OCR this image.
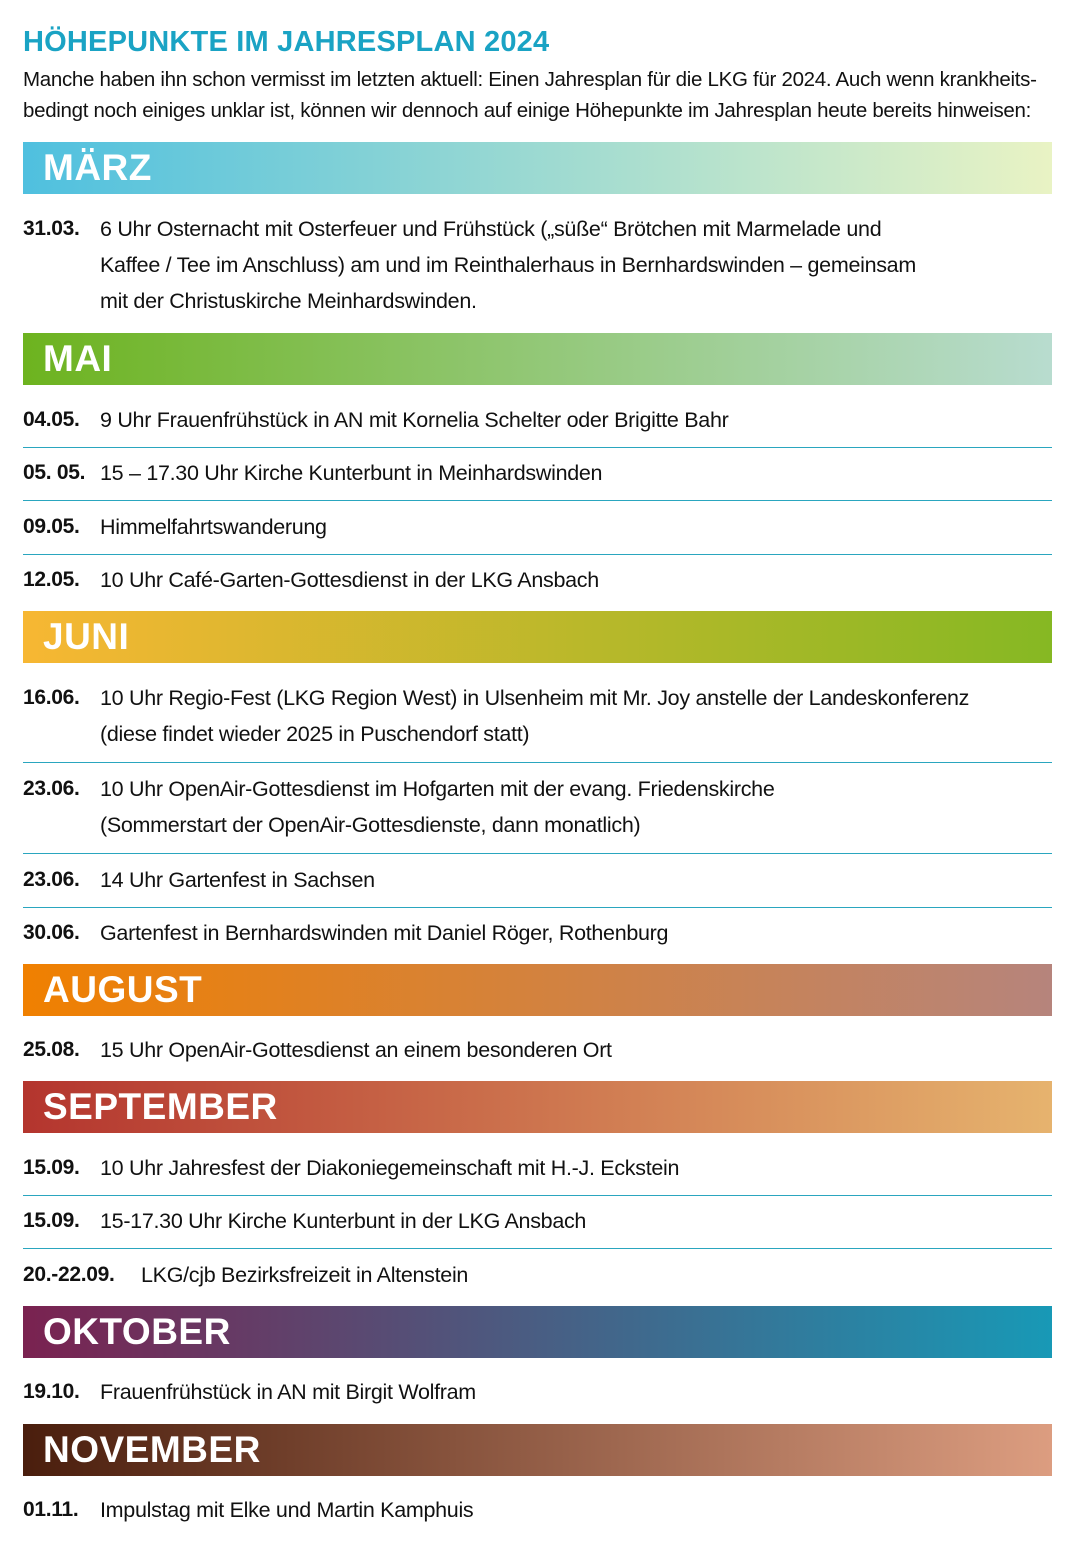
HÖHEPUNKTE IM JAHRESPLAN 2024
Manche haben ihn schon vermisst im letzten aktuell: Einen Jahresplan für die LKG für 2024. Auch wenn krankheits-
bedingt noch einiges unklar ist, können wir dennoch auf einige Höhepunkte im Jahresplan heute bereits hinweisen:
MÄRZ
31.03. 6 Uhr Osternacht mit Osterfeuer und Frühstück („süße“ Brötchen mit Marmelade und
Kaffee / Tee im Anschluss) am und im Reinthalerhaus in Bernhardswinden – gemeinsam
mit der Christuskirche Meinhardswinden.
MAI
04.05. 9 Uhr Frauenfrühstück in AN mit Kornelia Schelter oder Brigitte Bahr
05. 05. 15 – 17.30 Uhr Kirche Kunterbunt in Meinhardswinden
09.05. Himmelfahrtswanderung
12.05. 10 Uhr Café-Garten-Gottesdienst in der LKG Ansbach
JUNI
16.06. 10 Uhr Regio-Fest (LKG Region West) in Ulsenheim mit Mr. Joy anstelle der Landeskonferenz
(diese findet wieder 2025 in Puschendorf statt)
23.06. 10 Uhr OpenAir-Gottesdienst im Hofgarten mit der evang. Friedenskirche
(Sommerstart der OpenAir-Gottesdienste, dann monatlich)
23.06. 14 Uhr Gartenfest in Sachsen
30.06. Gartenfest in Bernhardswinden mit Daniel Röger, Rothenburg
AUGUST
25.08. 15 Uhr OpenAir-Gottesdienst an einem besonderen Ort
SEPTEMBER
15.09. 10 Uhr Jahresfest der Diakoniegemeinschaft mit H.-J. Eckstein
15.09. 15-17.30 Uhr Kirche Kunterbunt in der LKG Ansbach
20.-22.09. LKG/cjb Bezirksfreizeit in Altenstein
OKTOBER
19.10. Frauenfrühstück in AN mit Birgit Wolfram
NOVEMBER
01.11. Impulstag mit Elke und Martin Kamphuis
